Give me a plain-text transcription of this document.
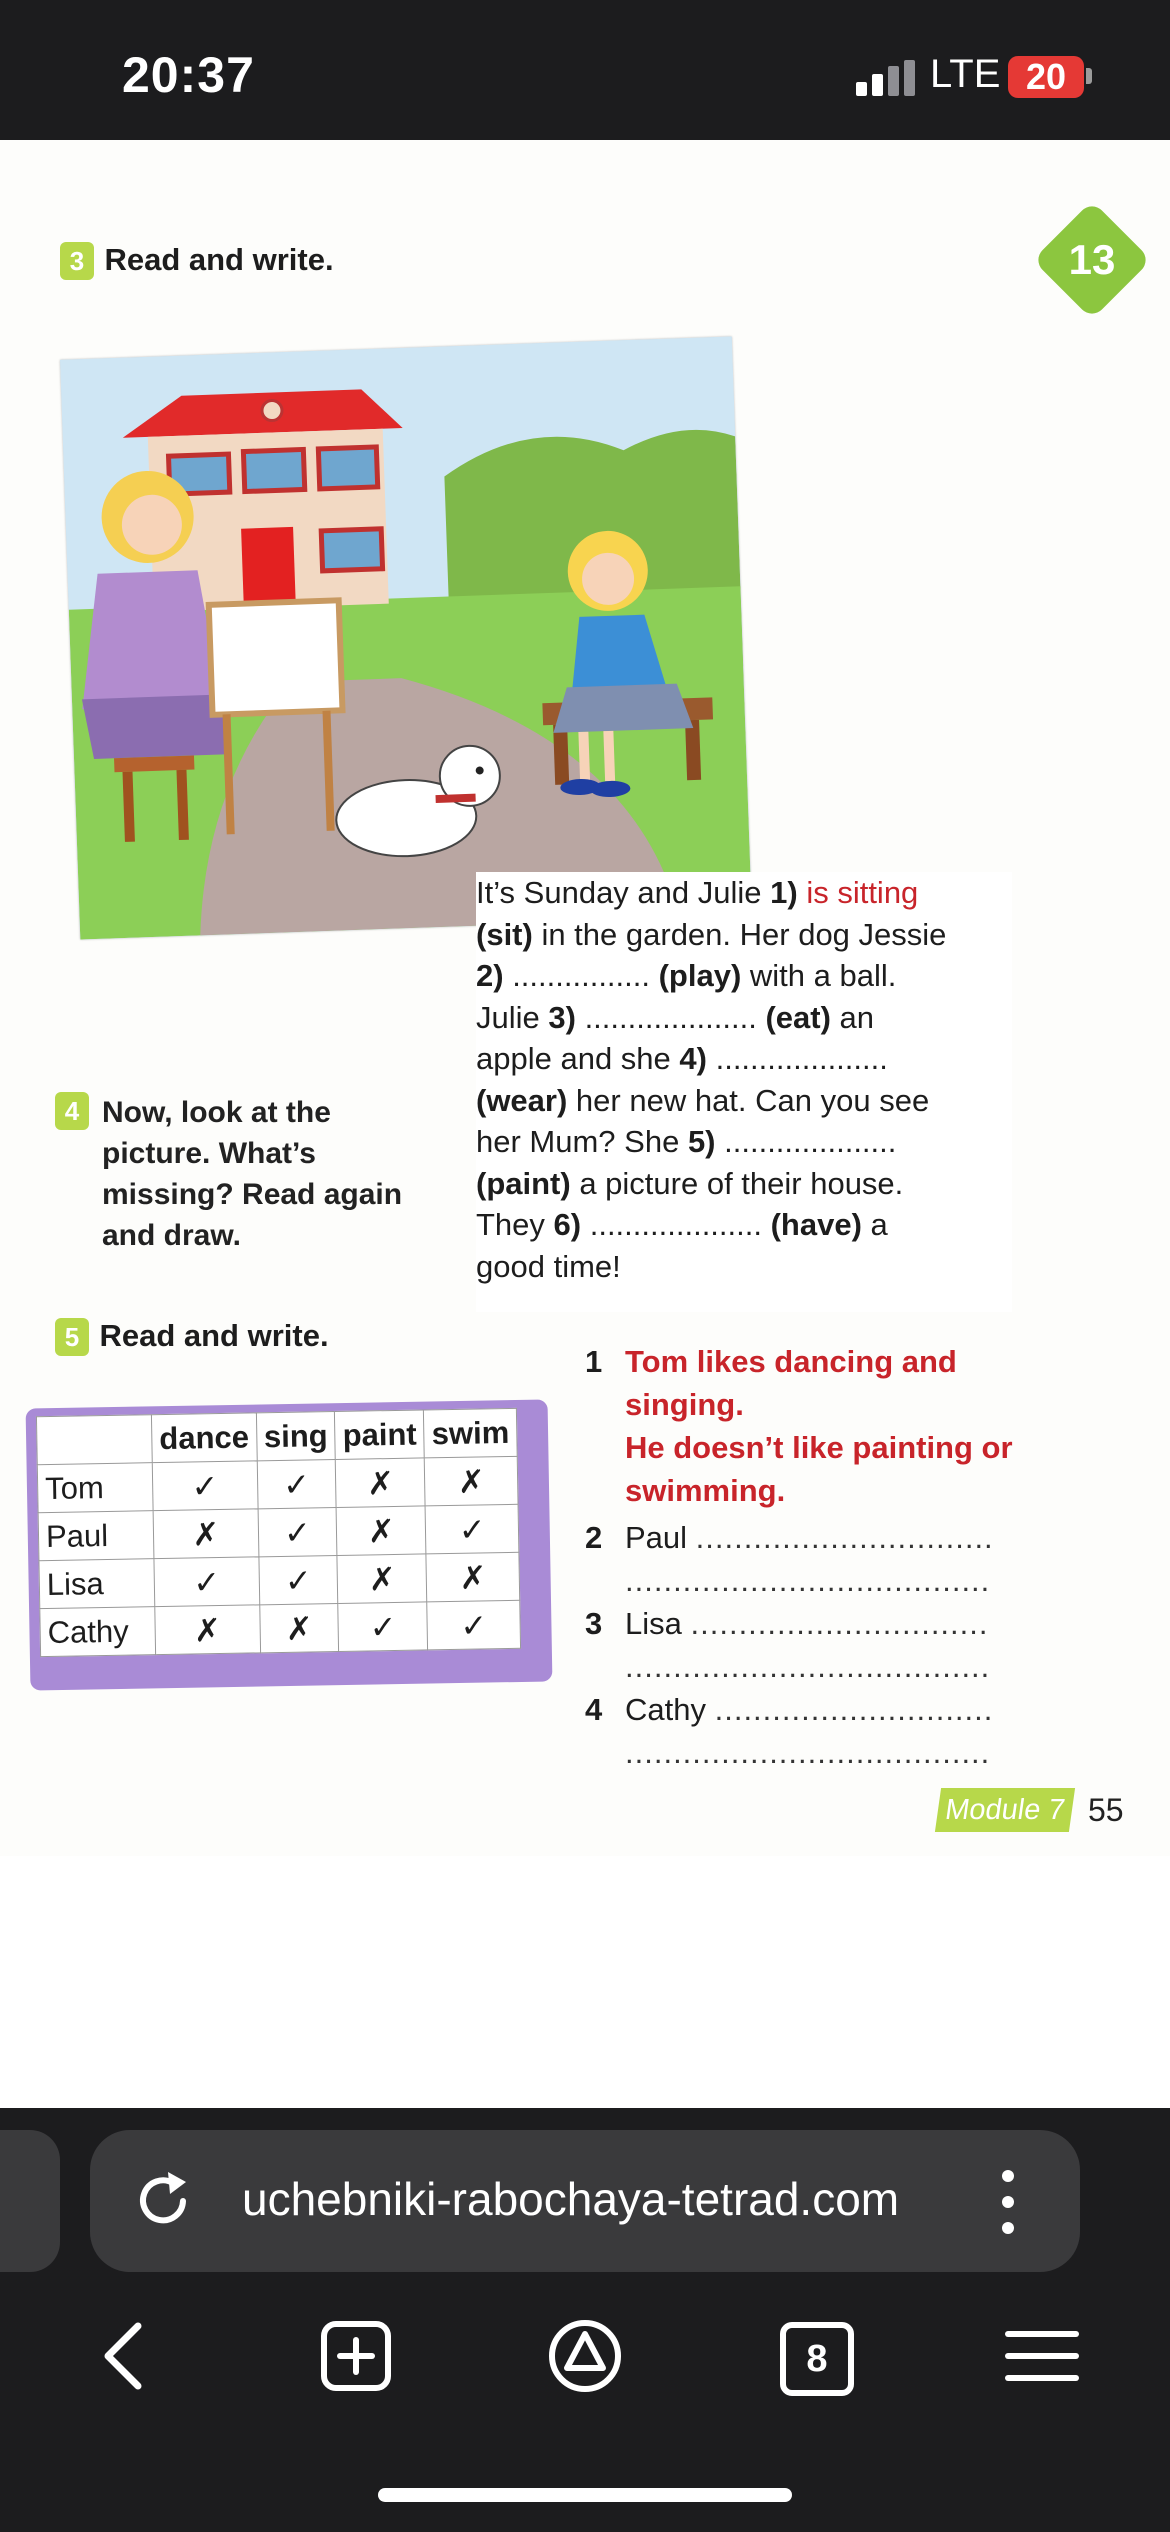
20:37	LTE 20
13
3 Read and write.

It’s Sunday and Julie 1) is sitting

(sit) in the garden. Her dog Jessie

2) ................ (play) with a ball.

Julie 3) .................... (eat) an

apple and she 4) ....................

(wear) her new hat. Can you see

her Mum? She 5) ....................

(paint) a picture of their house.

They 6) .................... (have) a

good time!

4 Now, look at the

picture. What’s

missing? Read again

and draw.

5 Read and write.
	dance	sing	paint	swim
Tom	✓	✓	✗	✗
Paul	✗	✓	✗	✓
Lisa	✓	✓	✗	✗
Cathy	✗	✗	✓	✓
1 Tom likes dancing and singing.
He doesn’t like painting or
swimming.
2 Paul ...............................
......................................
3 Lisa ...............................
......................................
4 Cathy .............................
......................................
Module 7 55
uchebniki-rabochaya-tetrad.com
8
